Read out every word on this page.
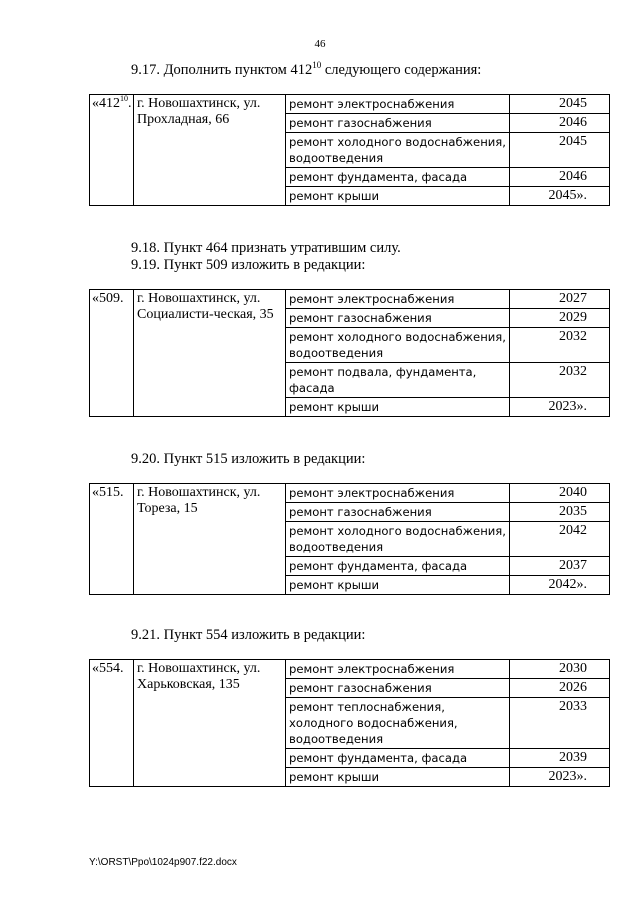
46
9.17. Дополнить пунктом $412^{10}$ следующего содержания:
«$412^{10}$.	г. Новошахтинск, ул. Прохладная, 66	ремонт электроснабжения	2045
		ремонт газоснабжения	2046
		ремонт холодного водоснабжения, водоотведения	2045
		ремонт фундамента, фасада	2046
		ремонт крыши	2045».
9.18. Пункт 464 признать утратившим силу.
9.19. Пункт 509 изложить в редакции:
«509.	г. Новошахтинск, ул. Социалисти-ческая, 35	ремонт электроснабжения	2027
		ремонт газоснабжения	2029
		ремонт холодного водоснабжения, водоотведения	2032
		ремонт подвала, фундамента, фасада	2032
		ремонт крыши	2023».
9.20. Пункт 515 изложить в редакции:
«515.	г. Новошахтинск, ул. Тореза, 15	ремонт электроснабжения	2040
		ремонт газоснабжения	2035
		ремонт холодного водоснабжения, водоотведения	2042
		ремонт фундамента, фасада	2037
		ремонт крыши	2042».
9.21. Пункт 554 изложить в редакции:
«554.	г. Новошахтинск, ул. Харьковская, 135	ремонт электроснабжения	2030
		ремонт газоснабжения	2026
		ремонт теплоснабжения, холодного водоснабжения, водоотведения	2033
		ремонт фундамента, фасада	2039
		ремонт крыши	2023».
Y:\ORST\Ppo\1024p907.f22.docx
